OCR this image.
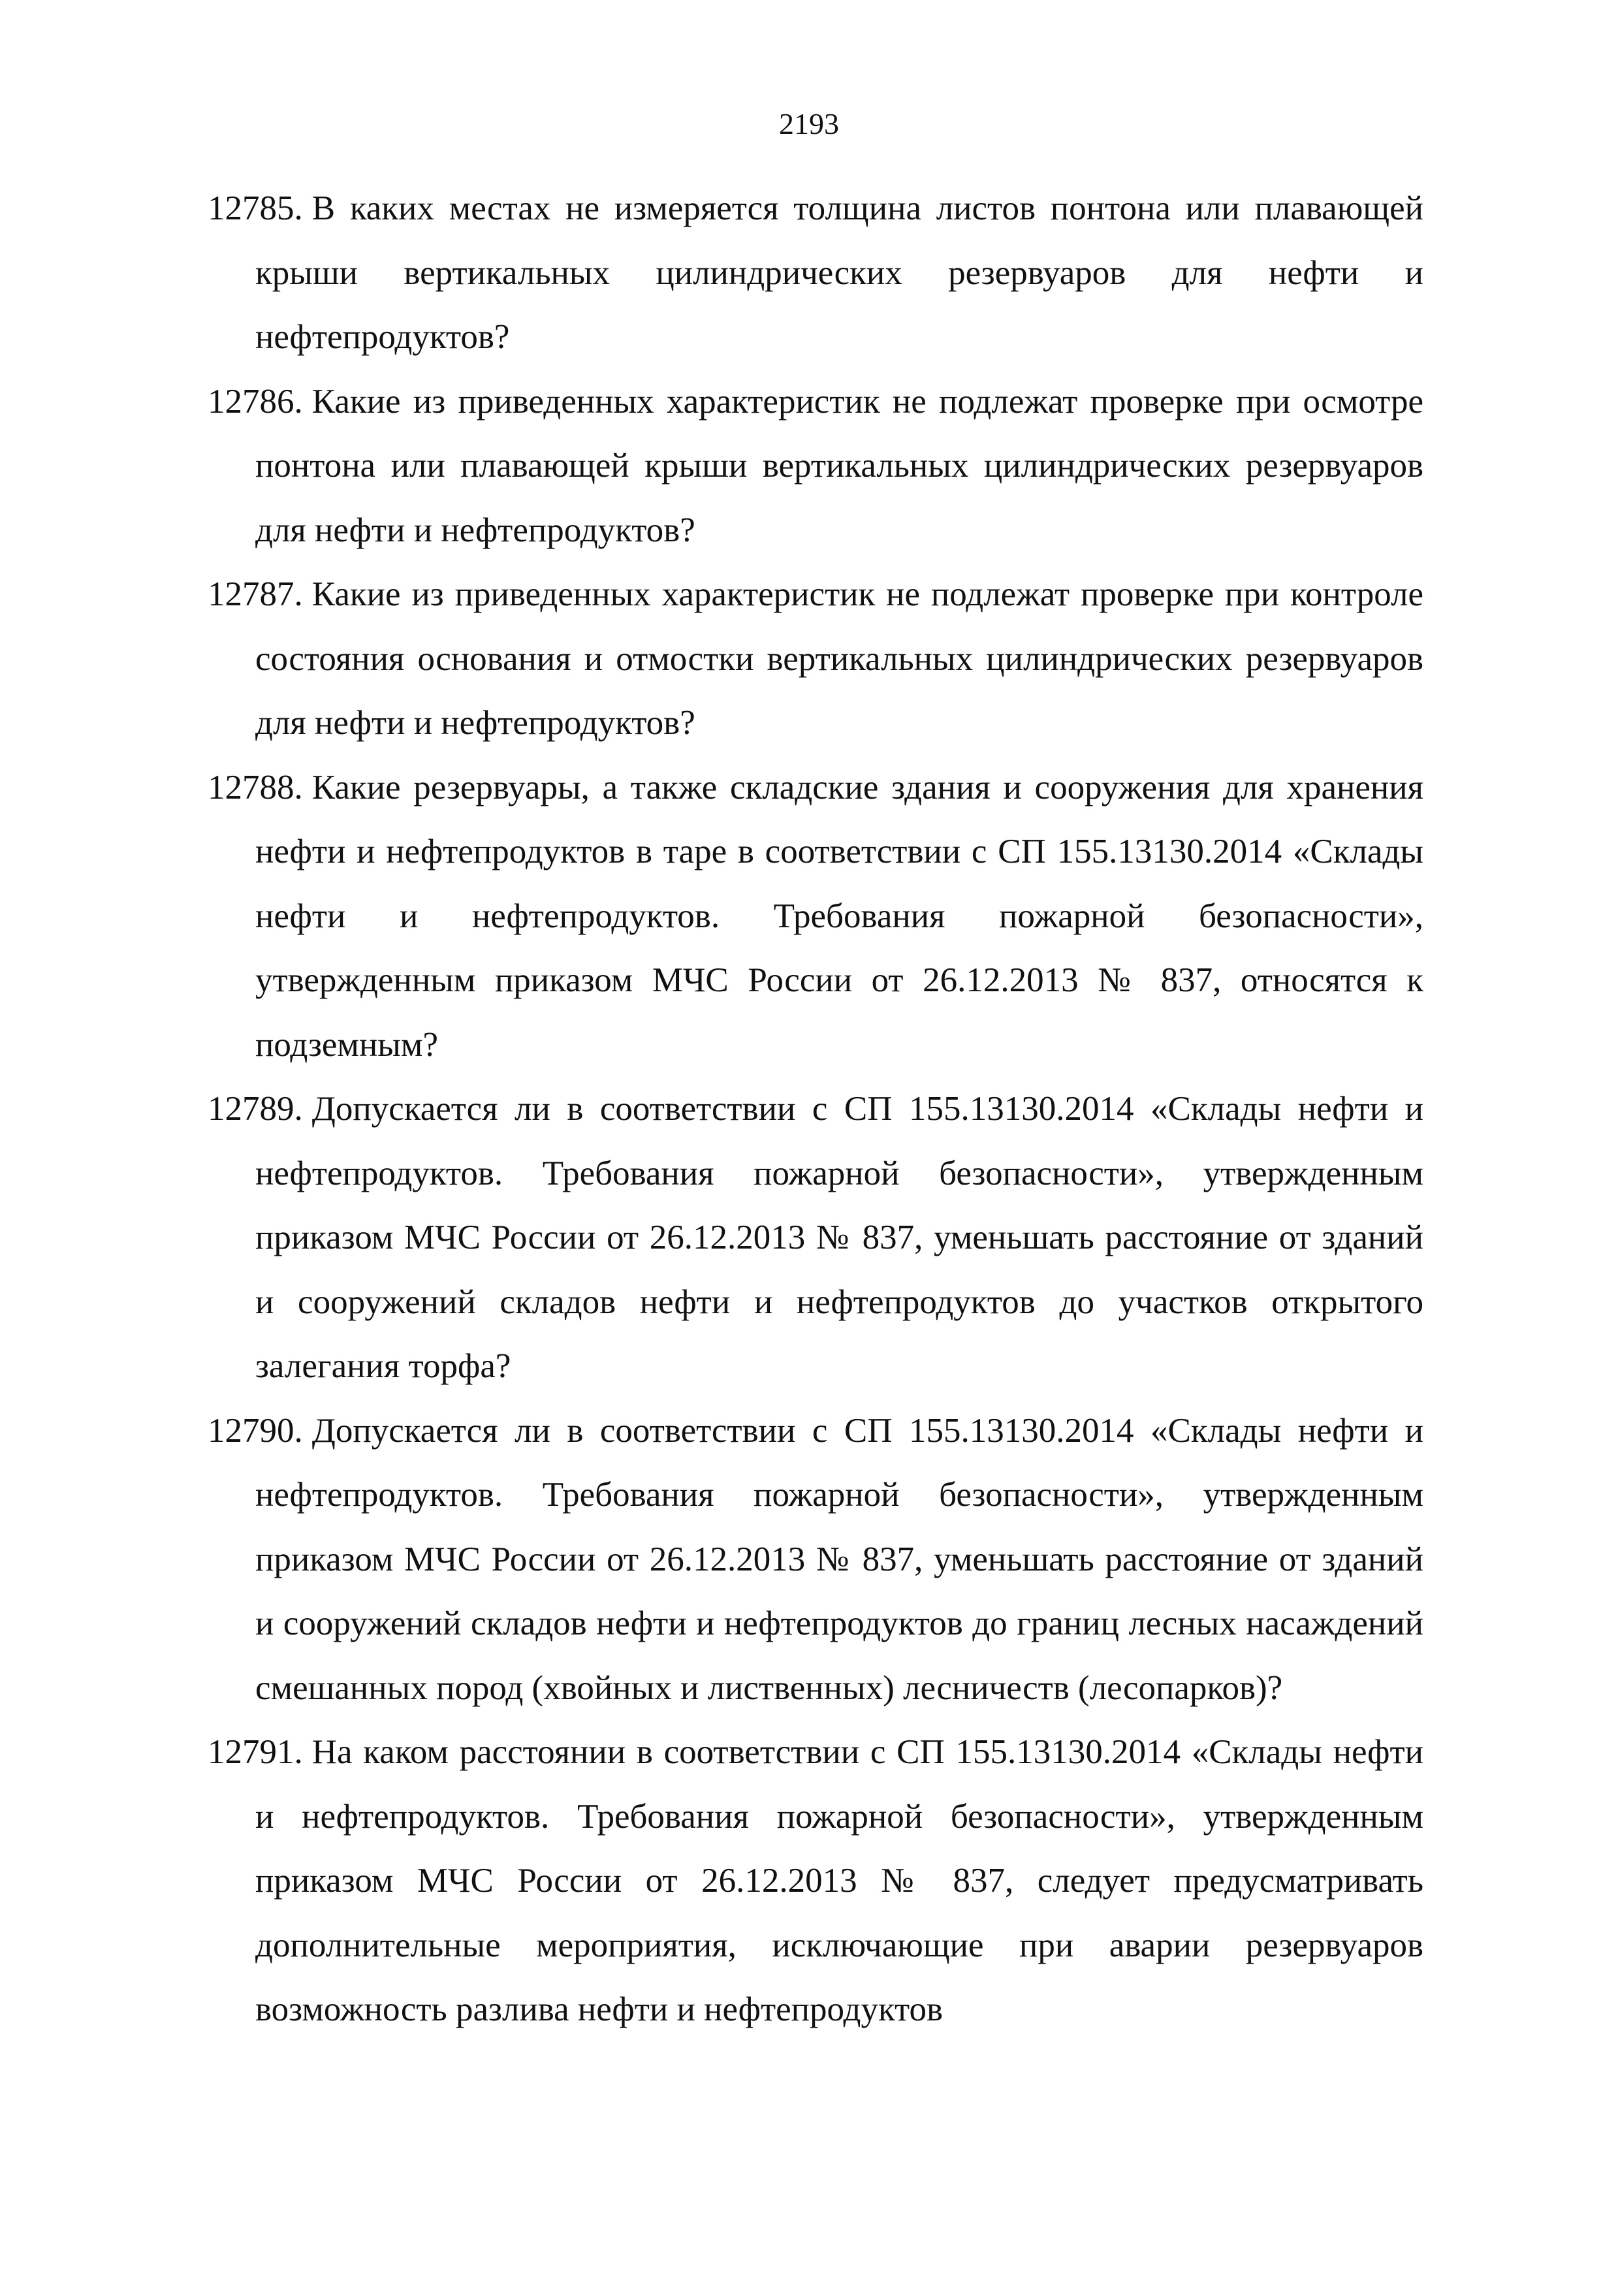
2193
12785. В каких местах не измеряется толщина листов понтона или плавающей крыши вертикальных цилиндрических резервуаров для нефти и нефтепродуктов?
12786. Какие из приведенных характеристик не подлежат проверке при осмотре понтона или плавающей крыши вертикальных цилиндрических резервуаров для нефти и нефтепродуктов?
12787. Какие из приведенных характеристик не подлежат проверке при контроле состояния основания и отмостки вертикальных цилиндрических резервуаров для нефти и нефтепродуктов?
12788. Какие резервуары, а также складские здания и сооружения для хранения нефти и нефтепродуктов в таре в соответствии с СП 155.13130.2014 «Склады нефти и нефтепродуктов. Требования пожарной безопасности», утвержденным приказом МЧС России от 26.12.2013 № 837, относятся к подземным?
12789. Допускается ли в соответствии с СП 155.13130.2014 «Склады нефти и нефтепродуктов. Требования пожарной безопасности», утвержденным приказом МЧС России от 26.12.2013 № 837, уменьшать расстояние от зданий и сооружений складов нефти и нефтепродуктов до участков открытого залегания торфа?
12790. Допускается ли в соответствии с СП 155.13130.2014 «Склады нефти и нефтепродуктов. Требования пожарной безопасности», утвержденным приказом МЧС России от 26.12.2013 № 837, уменьшать расстояние от зданий и сооружений складов нефти и нефтепродуктов до границ лесных насаждений смешанных пород (хвойных и лиственных) лесничеств (лесопарков)?
12791. На каком расстоянии в соответствии с СП 155.13130.2014 «Склады нефти и нефтепродуктов. Требования пожарной безопасности», утвержденным приказом МЧС России от 26.12.2013 № 837, следует предусматривать дополнительные мероприятия, исключающие при аварии резервуаров возможность разлива нефти и нефтепродуктов
